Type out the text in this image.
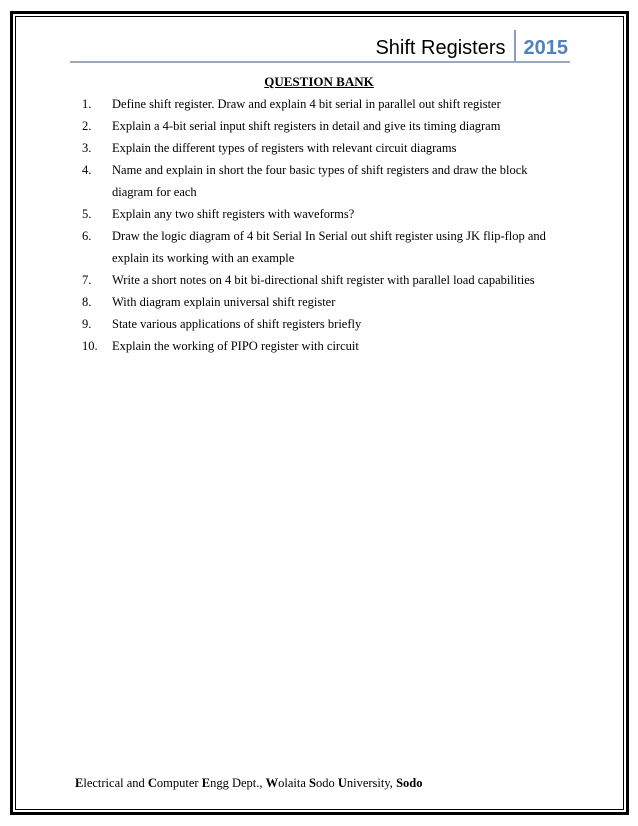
Shift Registers 2015
QUESTION BANK
1.	Define shift register. Draw and explain 4 bit serial in parallel out shift register
2.	Explain a 4-bit serial input shift registers in detail and give its timing diagram
3.	Explain the different types of registers with relevant circuit diagrams
4.	Name and explain in short the four basic types of shift registers and draw the block diagram for each
5.	Explain any two shift registers with waveforms?
6.	Draw the logic diagram of 4 bit Serial In Serial out shift register using JK flip-flop and explain its working with an example
7.	Write a short notes on 4 bit bi-directional shift register with parallel load capabilities
8.	With diagram explain universal shift register
9.	State various applications of shift registers briefly
10.	Explain the working of PIPO register with circuit
Electrical and Computer Engg Dept., Wolaita Sodo University, Sodo
